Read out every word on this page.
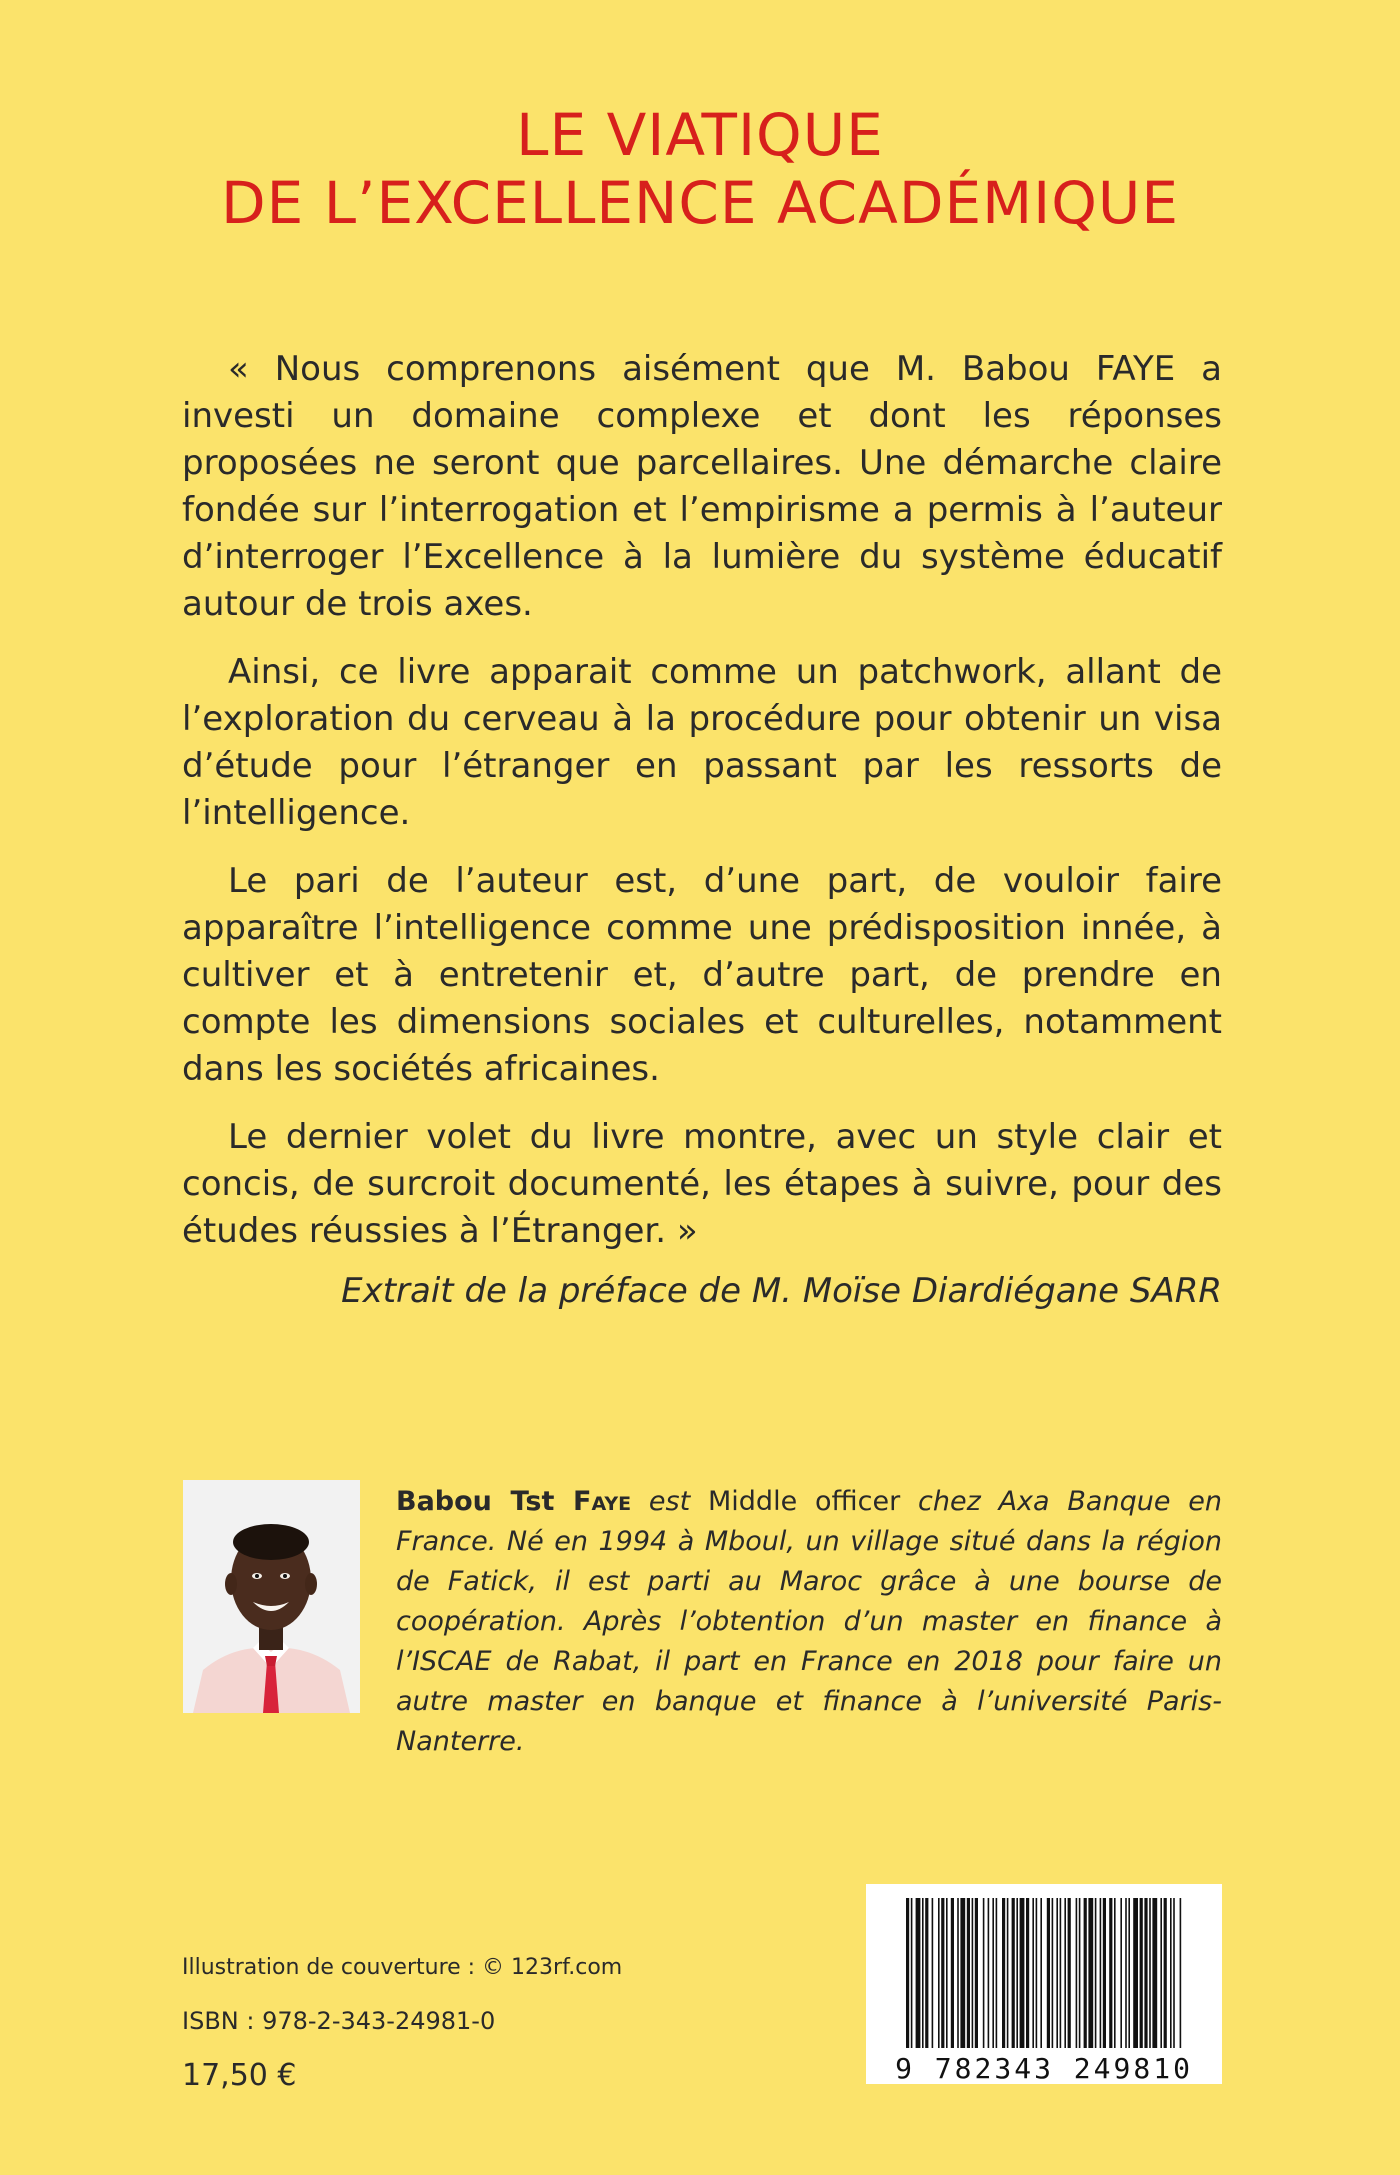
LE VIATIQUE
DE L’EXCELLENCE ACADÉMIQUE

« Nous comprenons aisément que M. Babou FAYE a investi un domaine complexe et dont les réponses proposées ne seront que parcellaires. Une démarche claire fondée sur l’interrogation et l’empirisme a permis à l’auteur d’interroger l’Excellence à la lumière du système éducatif autour de trois axes.

Ainsi, ce livre apparait comme un patchwork, allant de l’exploration du cerveau à la procédure pour obtenir un visa d’étude pour l’étranger en passant par les ressorts de l’intelligence.

Le pari de l’auteur est, d’une part, de vouloir faire apparaître l’intelligence comme une prédisposition innée, à cultiver et à entretenir et, d’autre part, de prendre en compte les dimensions sociales et culturelles, notamment dans les sociétés africaines.

Le dernier volet du livre montre, avec un style clair et concis, de surcroit documenté, les étapes à suivre, pour des études réussies à l’Étranger. »

Extrait de la préface de M. Moïse Diardiégane SARR

Babou Tst Faye est Middle officer chez Axa Banque en France. Né en 1994 à Mboul, un village situé dans la région de Fatick, il est parti au Maroc grâce à une bourse de coopération. Après l’obtention d’un master en finance à l’ISCAE de Rabat, il part en France en 2018 pour faire un autre master en banque et finance à l’université Paris-Nanterre.

Illustration de couverture : © 123rf.com

ISBN : 978-2-343-24981-0

17,50 €	9 782343 249810
